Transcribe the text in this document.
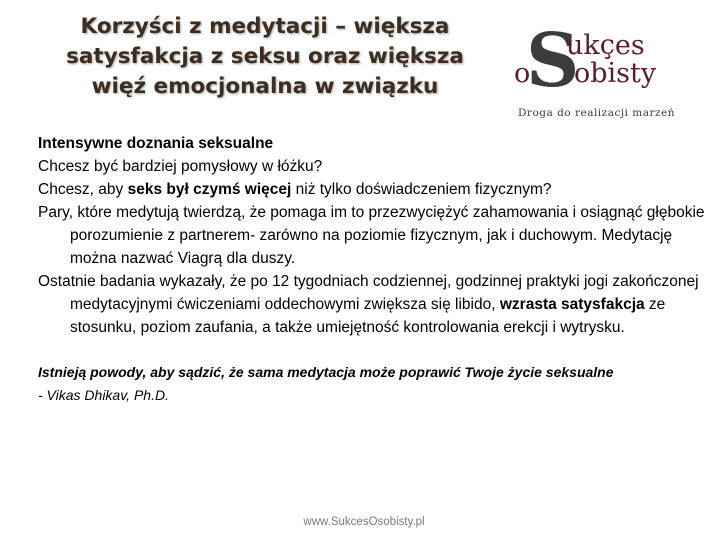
Korzyści z medytacji – większa satysfakcja z seksu oraz większa więź emocjonalna w związku	S
ukçes
o obisty
Droga do realizacji marzeń

Intensywne doznania seksualne

Chcesz być bardziej pomysłowy w łóżku?

Chcesz, aby seks był czymś więcej niż tylko doświadczeniem fizycznym?

Pary, które medytują twierdzą, że pomaga im to przezwyciężyć zahamowania i osiągnąć głębokie porozumienie z partnerem- zarówno na poziomie fizycznym, jak i duchowym. Medytację można nazwać Viagrą dla duszy.

Ostatnie badania wykazały, że po 12 tygodniach codziennej, godzinnej praktyki jogi zakończonej medytacyjnymi ćwiczeniami oddechowymi zwiększa się libido, wzrasta satysfakcja ze stosunku, poziom zaufania, a także umiejętność kontrolowania erekcji i wytrysku.

Istnieją powody, aby sądzić, że sama medytacja może poprawić Twoje życie seksualne

- Vikas Dhikav, Ph.D.

www.SukcesOsobisty.pl
